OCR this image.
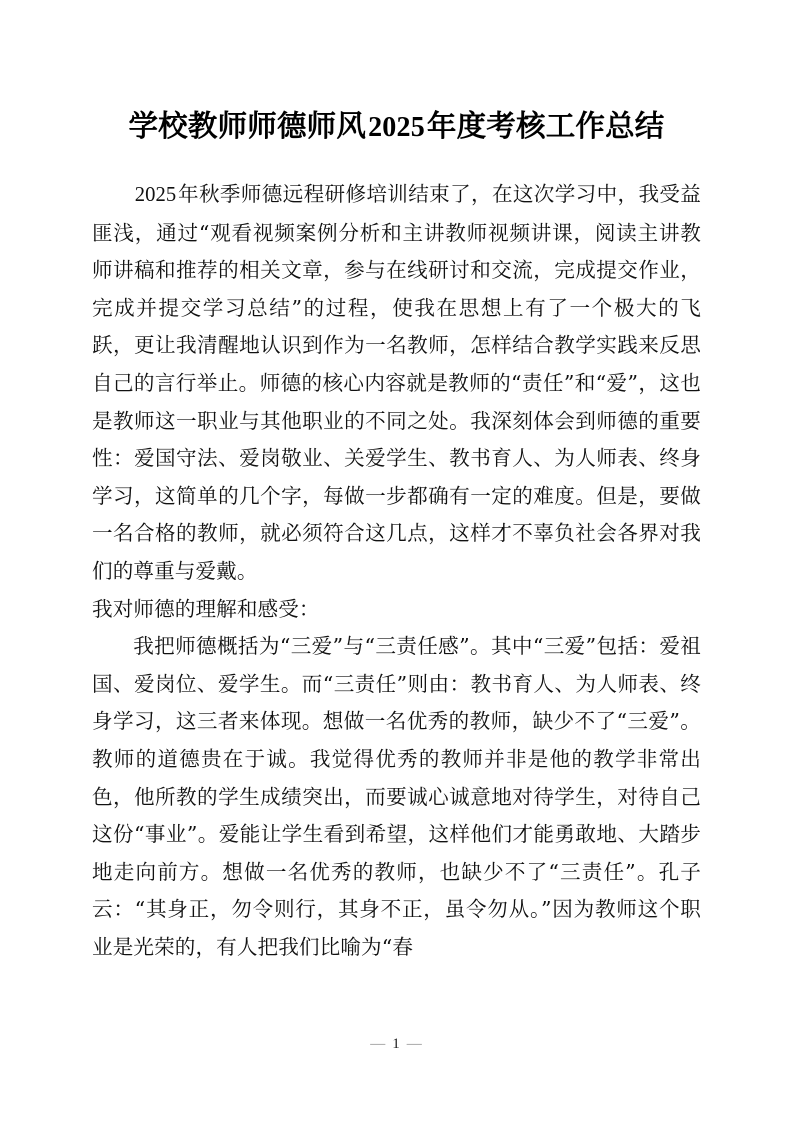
学校教师师德师风2025年度考核工作总结

2025年秋季师德远程研修培训结束了，在这次学习中，我受益匪浅，通过“观看视频案例分析和主讲教师视频讲课，阅读主讲教师讲稿和推荐的相关文章，参与在线研讨和交流，完成提交作业，完成并提交学习总结”的过程，使我在思想上有了一个极大的飞跃，更让我清醒地认识到作为一名教师，怎样结合教学实践来反思自己的言行举止。师德的核心内容就是教师的“责任”和“爱”，这也是教师这一职业与其他职业的不同之处。我深刻体会到师德的重要性：爱国守法、爱岗敬业、关爱学生、教书育人、为人师表、终身学习，这简单的几个字，每做一步都确有一定的难度。但是，要做一名合格的教师，就必须符合这几点，这样才不辜负社会各界对我们的尊重与爱戴。

我对师德的理解和感受：

我把师德概括为“三爱”与“三责任感”。其中“三爱”包括：爱祖国、爱岗位、爱学生。而“三责任”则由：教书育人、为人师表、终身学习，这三者来体现。想做一名优秀的教师，缺少不了“三爱”。教师的道德贵在于诚。我觉得优秀的教师并非是他的教学非常出色，他所教的学生成绩突出，而要诚心诚意地对待学生，对待自己这份“事业”。爱能让学生看到希望，这样他们才能勇敢地、大踏步地走向前方。想做一名优秀的教师，也缺少不了“三责任”。孔子云：“其身正，勿令则行，其身不正，虽令勿从。”因为教师这个职业是光荣的，有人把我们比喻为“春

— 1 —
